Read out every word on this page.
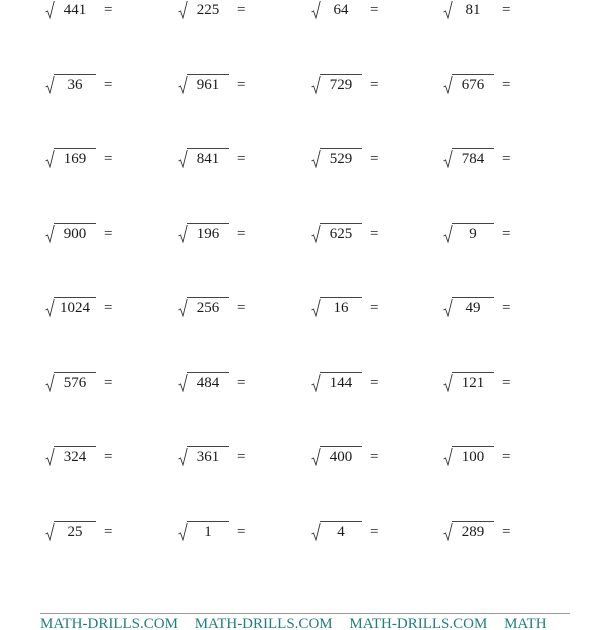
441	=	225	=	64	=	81	=
36	=	961	=	729	=	676	=
169	=	841	=	529	=	784	=
900	=	196	=	625	=	9	=
1024 =	256	=	16	=	49	=
576	=	484	=	144	=	121	=
324	=	361	=	400	=	100	=
25	=	1	=	4	=	289	=
MATH-DRILLS.COM MATH-DRILLS.COM MATH-DRILLS.COM MATH
